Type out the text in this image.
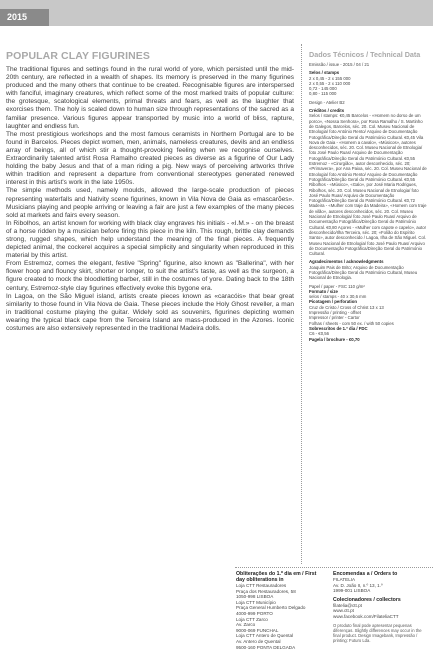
2015
POPULAR CLAY FIGURINES

The traditional figures and settings found in the rural world of yore, which persisted until the mid-20th century, are reflected in a wealth of shapes. Its memory is preserved in the many figurines produced and the many others that continue to be created. Recognisable figures are interspersed with fanciful, imaginary creatures, which reflect some of the most marked traits of popular culture: the grotesque, scatological elements, primal threats and fears, as well as the laughter that exorcises them. The holy is scaled down to human size through representations of the sacred as a familiar presence. Various figures appear transported by music into a world of bliss, rapture, laughter and endless fun.

The most prestigious workshops and the most famous ceramists in Northern Portugal are to be found in Barcelos. Pieces depict women, men, animals, nameless creatures, devils and an endless array of beings, all of which stir a thought-provoking feeling when we recognise ourselves. Extraordinarily talented artist Rosa Ramalho created pieces as diverse as a figurine of Our Lady holding the baby Jesus and that of a man riding a pig. New ways of perceiving artworks thrive within tradition and represent a departure from conventional stereotypes generated renewed interest in this artist's work in the late 1950s.

The simple methods used, namely moulds, allowed the large-scale production of pieces representing waterfalls and Nativity scene figurines, known in Vila Nova de Gaia as «mascarões». Musicians playing and people arriving or leaving a fair are just a few examples of the many pieces sold at markets and fairs every season.

In Ribolhos, an artist known for working with black clay engraves his initials - «I.M.» - on the breast of a horse ridden by a musician before firing this piece in the kiln. This rough, brittle clay demands strong, rugged shapes, which help understand the meaning of the final pieces. A frequently depicted animal, the cockerel acquires a special simplicity and singularity when reproduced in this material by this artist.

From Estremoz, comes the elegant, festive "Spring" figurine, also known as "Ballerina", with her flower hoop and flouncy skirt, shorter or longer, to suit the artist's taste, as well as the surgeon, a figure created to mock the bloodletting barber, still in the costumes of yore. Dating back to the 18th century, Estremoz-style clay figurines effectively evoke this bygone era.

In Lagoa, on the São Miguel island, artists create pieces known as «caracóis» that bear great similarity to those found in Vila Nova de Gaia. These pieces include the Holy Ghost reveller, a man in traditional costume playing the guitar. Widely sold as souvenirs, figurines depicting women wearing the typical black cape from the Terceira Island are mass-produced in the Azores. Iconic costumes are also extensively represented in the traditional Madeira dolls.

Dados Técnicos / Technical Data
Emissão / issue - 2015 / 04 / 21
Selos / stamps
2 x 0,45 - 2 x 155 000
2 x 0,55 - 2 x 110 000
0,72 - 145 000
0,80 - 115 000
Design - Atelier B2
Créditos / credits
Selos / stamps: €0,45 Barcelos - «Homem no dorso de um porco», «Nossa Senhora», por Rosa Ramalho / S. Martinho de Galegos, Barcelos, séc. 20. Col. Museu Nacional de Etnologia/ foto António Rento/ Arquivo de Documentação Fotográfica/Direção Geral do Património Cultural. €0,45 Vila Nova de Gaia - «Homem a cavalo», «Músicos», autores desconhecidos, séc. 20. Col. Museu Nacional de Etnologia/ foto José Paulo Ruas/ Arquivo de Documentação Fotográfica/Direção Geral do Património Cultural. €0,55 Estremoz - «Cirurgião», autor desconhecido, séc. 20; «Primavera», por Ana Paixa, séc. 20. Col. Museu Nacional de Etnologia/ foto António Rento/ Arquivo de Documentação Fotográfica/Direção Geral do Património Cultural. €0,55 Ribolhos - «Músico», «Galo», por José Maria Rodrigues, Ribolhos, séc. 20. Col. Museu Nacional de Etnologia/ foto José Paulo Ruas/ Arquivo de Documentação Fotográfica/Direção Geral do Património Cultural. €0,72 Madeira - «Mulher com traje da Madeira», «Homem com traje de vilão», autores desconhecidos, séc. 20. Col. Museu Nacional de Etnologia/ foto José Paulo Ruas/ Arquivo de Documentação Fotográfica/Direção Geral do Património Cultural. €0,80 Açores - «Mulher com capote e capelo», autor desconhecido/Ilha Terceira, séc. 20; «Folião do Espírito Santo», autor desconhecido / Lagoa, Ilha de São Miguel. Col. Museu Nacional de Etnologia/ foto José Paulo Ruas/ Arquivo de Documentação Fotográfica/Direção Geral do Património Cultural.
Agradecimentos / acknowledgments
Joaquim Pais de Brito; Arquivo de Documentação Fotográfica/Direção Geral do Património Cultural, Museu Nacional de Etnologia.
Papel / paper - FSC 110 g/m²
Formato / size
selos / stamps - 40 x 30,6 mm
Picotagem / perforation
Cruz de Cristo / Cross of Christ 13 x 13
Impressão / printing - offset
Impressor / printer - Cartor
Folhas / sheets - com 50 ex. / with 50 copies
Sobrescritos de 1.º dia / FDC
C6 - €0,56
Pagela / brochure - €0,70
Obliterações do 1.º dia em / First day obliterations in
Loja CTT Restauradores
Praça dos Restauradores, 58
1050-998 LISBOA
Loja CTT Município
Praça General Humberto Delgado
4000-999 PORTO
Loja CTT Zarco
Av. Zarco
9000-069 FUNCHAL
Loja CTT Antero de Quental
Av. Antero de Quental
9500-160 PONTA DELGADA
Encomendas a / Orders to
FILATELIA
Av. D. João II, n.º 13, 1.º
1999-001 LISBOA
Colecionadores / collectors
filatelia@ctt.pt
www.ctt.pt
www.facebook.com/FilateliaCTT
O produto final pode apresentar pequenas diferenças. Slightly differences may occur in the final product. Design Imagebank, Impressão / printing: Futuro Lda.
